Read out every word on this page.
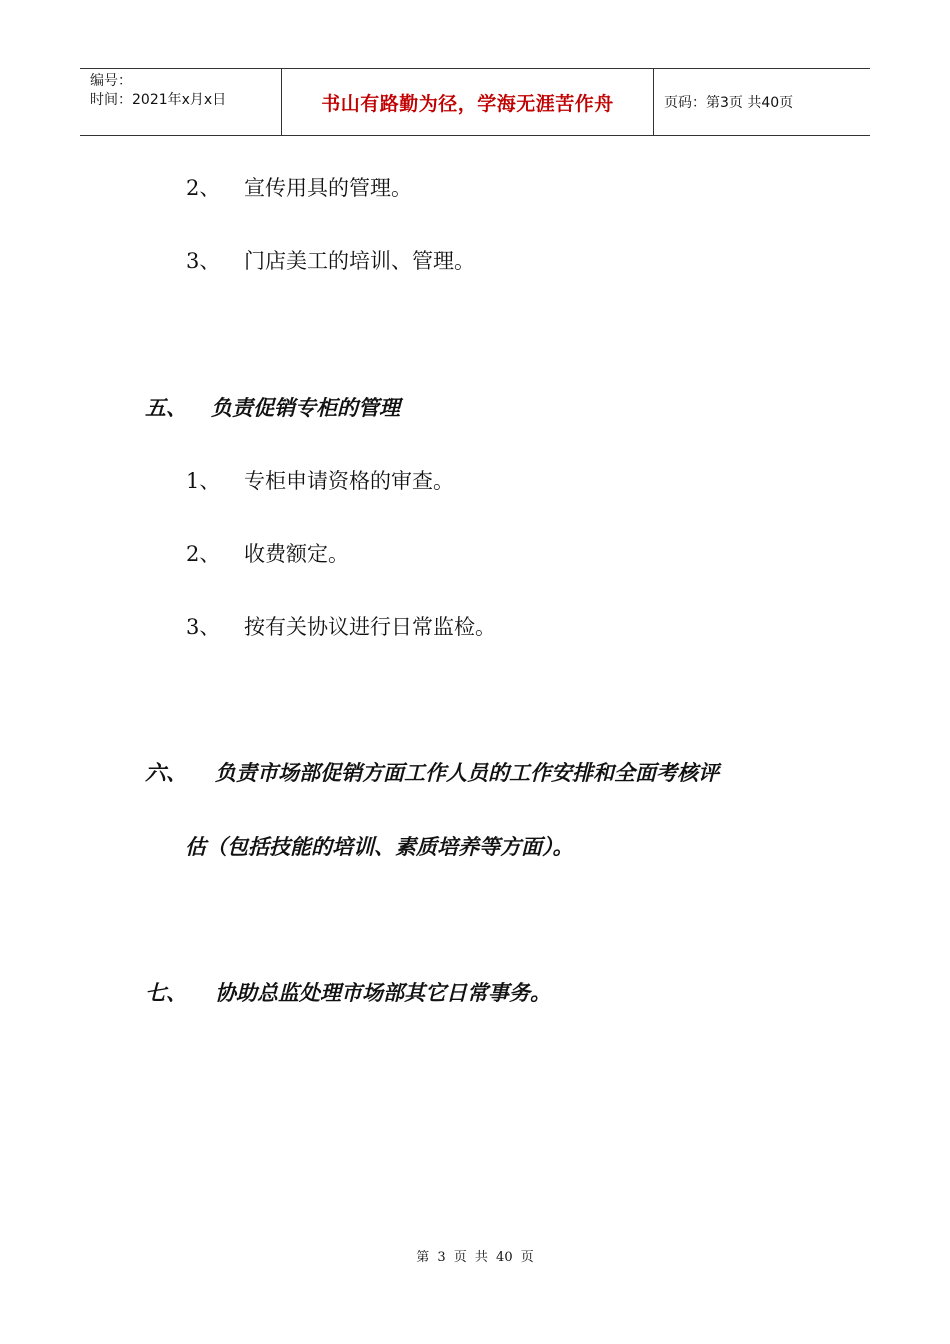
编号：
时间：2021年x月x日	书山有路勤为径，学海无涯苦作舟	页码：第3页 共40页
2、 宣传用具的管理。
3、 门店美工的培训、管理。
五、 负责促销专柜的管理
1、 专柜申请资格的审查。
2、 收费额定。
3、 按有关协议进行日常监检。
六、 负责市场部促销方面工作人员的工作安排和全面考核评
估（包括技能的培训、素质培养等方面）。
七、 协助总监处理市场部其它日常事务。
第 3 页 共 40 页
